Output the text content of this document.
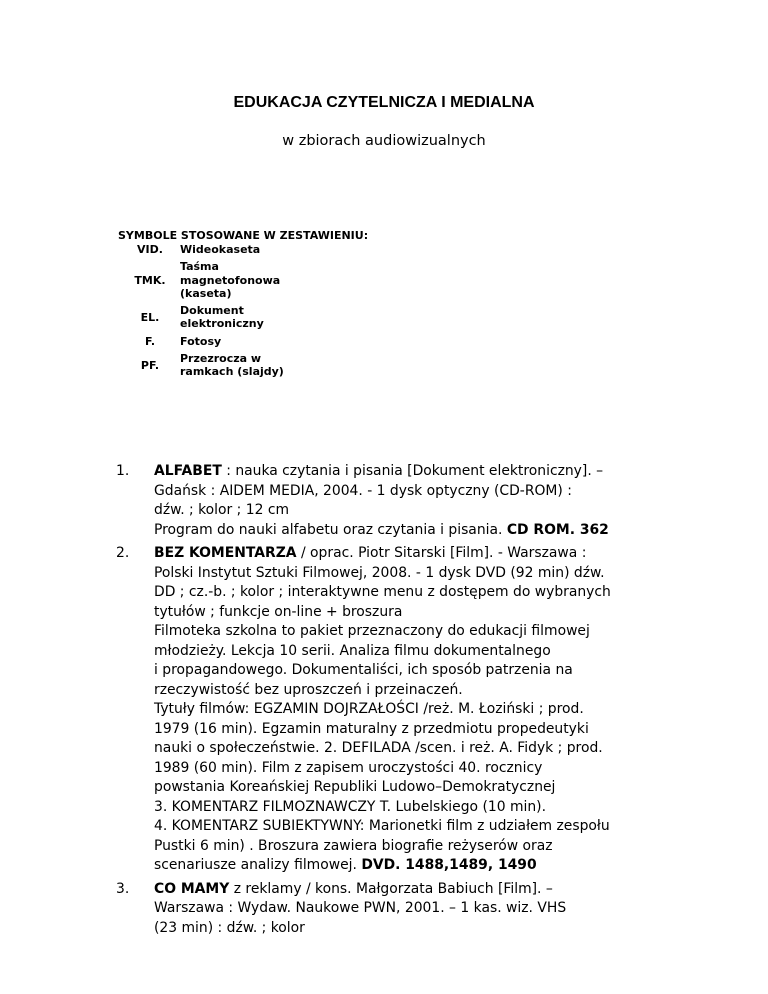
EDUKACJA CZYTELNICZA I MEDIALNA

w zbiorach audiowizualnych

SYMBOLE STOSOWANE W ZESTAWIENIU:

VID.	Wideokaseta

TMK.	Taśma
magnetofonowa
(kaseta)

EL.	Dokument
elektroniczny

F.	Fotosy

PF.	Przezrocza w
ramkach (slajdy)
1. ALFABET : nauka czytania i pisania [Dokument elektroniczny]. –
Gdańsk : AIDEM MEDIA, 2004. - 1 dysk optyczny (CD-ROM) :
dźw. ; kolor ; 12 cm
Program do nauki alfabetu oraz czytania i pisania. CD ROM. 362
2. BEZ KOMENTARZA / oprac. Piotr Sitarski [Film]. - Warszawa :
Polski Instytut Sztuki Filmowej, 2008. - 1 dysk DVD (92 min) dźw.
DD ; cz.-b. ; kolor ; interaktywne menu z dostępem do wybranych
tytułów ; funkcje on-line + broszura
Filmoteka szkolna to pakiet przeznaczony do edukacji filmowej
młodzieży. Lekcja 10 serii. Analiza filmu dokumentalnego
i propagandowego. Dokumentaliści, ich sposób patrzenia na
rzeczywistość bez uproszczeń i przeinaczeń.
Tytuły filmów: EGZAMIN DOJRZAŁOŚCI /reż. M. Łoziński ; prod.
1979 (16 min). Egzamin maturalny z przedmiotu propedeutyki
nauki o społeczeństwie. 2. DEFILADA /scen. i reż. A. Fidyk ; prod.
1989 (60 min). Film z zapisem uroczystości 40. rocznicy
powstania Koreańskiej Republiki Ludowo–Demokratycznej
3. KOMENTARZ FILMOZNAWCZY T. Lubelskiego (10 min).
4. KOMENTARZ SUBIEKTYWNY: Marionetki film z udziałem zespołu
Pustki 6 min) . Broszura zawiera biografie reżyserów oraz
scenariusze analizy filmowej. DVD. 1488,1489, 1490
3. CO MAMY z reklamy / kons. Małgorzata Babiuch [Film]. –
Warszawa : Wydaw. Naukowe PWN, 2001. – 1 kas. wiz. VHS
(23 min) : dźw. ; kolor
